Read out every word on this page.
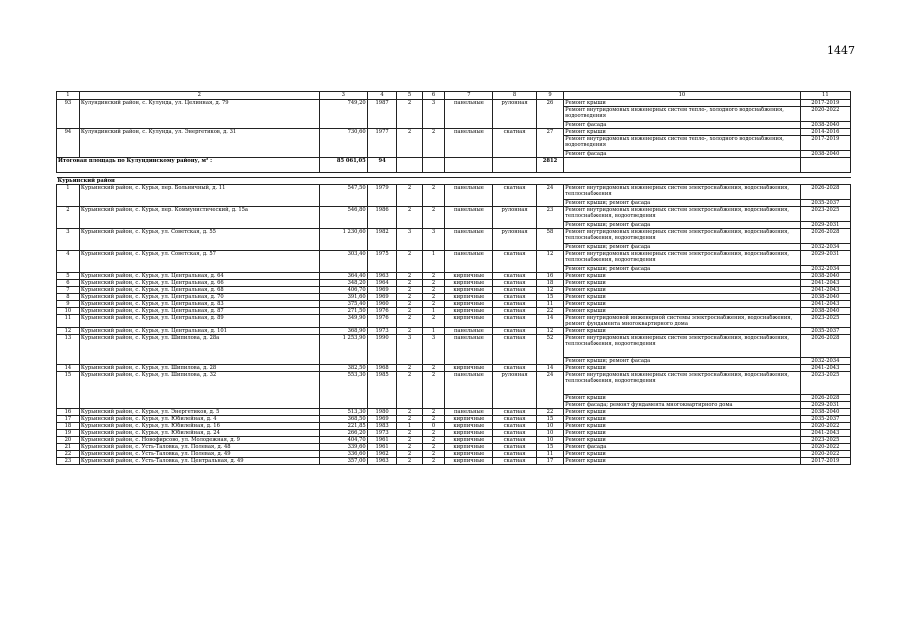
1447
1	2	3	4	5	6	7	8	9	10	11
93	Кулундинский район, с. Кулунда, ул. Целинная, д. 79	749,20	1987	2	3	панельные	рулонная	26	Ремонт крыши	2017-2019
									Ремонт внутридомовых инженерных систем тепло-, холодного водоснабжения, водоотведения	2020-2022
									Ремонт фасада	2038-2040
94	Кулундинский район, с. Кулунда, ул. Энергетиков, д. 31	730,60	1977	2	2	панельные	скатная	27	Ремонт крыши	2014-2016
									Ремонт внутридомовых инженерных систем тепло-, холодного водоснабжения, водоотведения	2017-2019
									Ремонт фасада	2038-2040
Итоговая площадь по Кулундинскому району, м² :		85 061,05	94					2812		

Курьинский район										
1	Курьинский район, с. Курья, пер. Больничный, д. 11	547,50	1979	2	2	панельные	скатная	24	Ремонт внутридомовых инженерных систем электроснабжения, водоснабжения, теплоснабжения	2026-2028
									Ремонт крыши; ремонт фасада	2035-2037
2	Курьинский район, с. Курья, пер. Коммунистический, д. 15а	546,80	1986	2	2	панельные	рулонная	23	Ремонт внутридомовых инженерных систем электроснабжения, водоснабжения, теплоснабжения, водоотведения	2023-2025
									Ремонт крыши; ремонт фасада	2029-2031
3	Курьинский район, с. Курья, ул. Советская, д. 55	1 230,60	1982	3	3	панельные	рулонная	58	Ремонт внутридомовых инженерных систем электроснабжения, водоснабжения, теплоснабжения, водоотведения	2026-2028
									Ремонт крыши; ремонт фасада	2032-2034
4	Курьинский район, с. Курья, ул. Советская, д. 57	303,40	1975	2	1	панельные	скатная	12	Ремонт внутридомовых инженерных систем электроснабжения, водоснабжения, теплоснабжения, водоотведения	2029-2031
									Ремонт крыши; ремонт фасада	2032-2034
5	Курьинский район, с. Курья, ул. Центральная, д. 64	364,40	1963	2	2	кирпичные	скатная	16	Ремонт крыши	2038-2040
6	Курьинский район, с. Курья, ул. Центральная, д. 66	348,20	1964	2	2	кирпичные	скатная	18	Ремонт крыши	2041-2043
7	Курьинский район, с. Курья, ул. Центральная, д. 68	406,70	1969	2	2	кирпичные	скатная	12	Ремонт крыши	2041-2043
8	Курьинский район, с. Курья, ул. Центральная, д. 70	391,60	1969	2	2	кирпичные	скатная	15	Ремонт крыши	2038-2040
9	Курьинский район, с. Курья, ул. Центральная, д. 83	375,40	1960	2	2	кирпичные	скатная	11	Ремонт крыши	2041-2043
10	Курьинский район, с. Курья, ул. Центральная, д. 87	271,50	1976	2	1	кирпичные	скатная	22	Ремонт крыши	2038-2040
11	Курьинский район, с. Курья, ул. Центральная, д. 89	349,90	1976	2	2	кирпичные	скатная	14	Ремонт внутридомовой инженерной системы электроснабжения, водоснабжения, ремонт фундамента многоквартирного дома	2023-2025
12	Курьинский район, с. Курья, ул. Центральная, д. 101	368,90	1973	2	1	панельные	скатная	12	Ремонт крыши	2035-2037
13	Курьинский район, с. Курья, ул. Шипилова, д. 28а	1 253,90	1990	3	3	панельные	скатная	52	Ремонт внутридомовых инженерных систем электроснабжения, водоснабжения, теплоснабжения, водоотведения	2026-2028
									Ремонт крыши; ремонт фасада	2032-2034
14	Курьинский район, с. Курья, ул. Шипилова, д. 28	382,50	1968	2	2	кирпичные	скатная	14	Ремонт крыши	2041-2043
15	Курьинский район, с. Курья, ул. Шипилова, д. 32	553,30	1985	2	2	панельные	рулонная	24	Ремонт внутридомовых инженерных систем электроснабжения, водоснабжения, теплоснабжения, водоотведения	2023-2025
									Ремонт крыши	2026-2028
									Ремонт фасада; ремонт фундамента многоквартирного дома	2029-2031
16	Курьинский район, с. Курья, ул. Энергетиков, д. 5	513,30	1980	2	2	панельные	скатная	22	Ремонт крыши	2038-2040
17	Курьинский район, с. Курья, ул. Юбилейная, д. 4	368,50	1969	2	2	кирпичные	скатная	15	Ремонт крыши	2035-2037
18	Курьинский район, с. Курья, ул. Юбилейная, д. 16	221,85	1983	1	0	кирпичные	скатная	10	Ремонт крыши	2020-2022
19	Курьинский район, с. Курья, ул. Юбилейная, д. 24	266,20	1973	2	2	кирпичные	скатная	10	Ремонт крыши	2041-2043
20	Курьинский район, с. Новофирсово, ул. Молодежная, д. 9	404,70	1961	2	2	кирпичные	скатная	10	Ремонт крыши	2023-2025
21	Курьинский район, с. Усть-Таловка, ул. Полевая, д. 48	339,60	1961	2	2	кирпичные	скатная	15	Ремонт фасада	2020-2022
22	Курьинский район, с. Усть-Таловка, ул. Полевая, д. 49	336,60	1962	2	2	кирпичные	скатная	11	Ремонт крыши	2020-2022
23	Курьинский район, с. Усть-Таловка, ул. Центральная, д. 49	357,00	1963	2	2	кирпичные	скатная	17	Ремонт крыши	2017-2019
